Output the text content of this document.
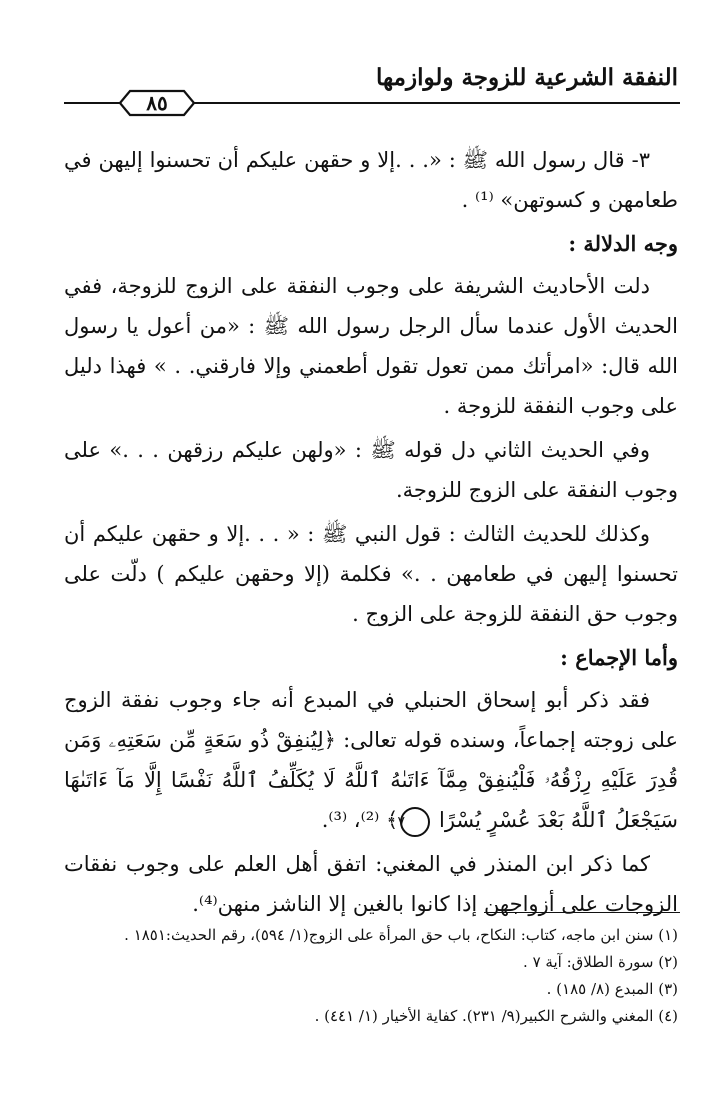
النفقة الشرعية للزوجة ولوازمها
٨٥

٣- قال رسول الله ﷺ : «. . .إلا و حقهن عليكم أن تحسنوا إليهن في طعامهن و كسوتهن» ⁽¹⁾ .

وجه الدلالة :

دلت الأحاديث الشريفة على وجوب النفقة على الزوج للزوجة، ففي الحديث الأول عندما سأل الرجل رسول الله ﷺ : «من أعول يا رسول الله قال: «امرأتك ممن تعول تقول أطعمني وإلا فارقني. . » فهذا دليل على وجوب النفقة للزوجة .

وفي الحديث الثاني دل قوله ﷺ : «ولهن عليكم رزقهن . . .» على وجوب النفقة على الزوج للزوجة.

وكذلك للحديث الثالث : قول النبي ﷺ : « . . .إلا و حقهن عليكم أن تحسنوا إليهن في طعامهن . .» فكلمة (إلا وحقهن عليكم ) دلّت على وجوب حق النفقة للزوجة على الزوج .

وأما الإجماع :

فقد ذكر أبو إسحاق الحنبلي في المبدع أنه جاء وجوب نفقة الزوج على زوجته إجماعاً، وسنده قوله تعالى: ﴿لِيُنفِقْ ذُو سَعَةٍ مِّن سَعَتِهِۦ وَمَن قُدِرَ عَلَيْهِ رِزْقُهُۥ فَلْيُنفِقْ مِمَّآ ءَاتَىٰهُ ٱللَّهُ لَا يُكَلِّفُ ٱللَّهُ نَفْسًا إِلَّا مَآ ءَاتَىٰهَا سَيَجْعَلُ ٱللَّهُ بَعْدَ عُسْرٍ يُسْرًا ٧﴾ ⁽²⁾، ⁽³⁾.

كما ذكر ابن المنذر في المغني: اتفق أهل العلم على وجوب نفقات الزوجات على أزواجهن إذا كانوا بالغين إلا الناشز منهن⁽⁴⁾.

(١) سنن ابن ماجه، كتاب: النكاح، باب حق المرأة على الزوج(١/ ٥٩٤)، رقم الحديث:١٨٥١ .
(٢) سورة الطلاق: آية ٧ .
(٣) المبدع (٨/ ١٨٥) .
(٤) المغني والشرح الكبير(٩/ ٢٣١). كفاية الأخيار (١/ ٤٤١) .
